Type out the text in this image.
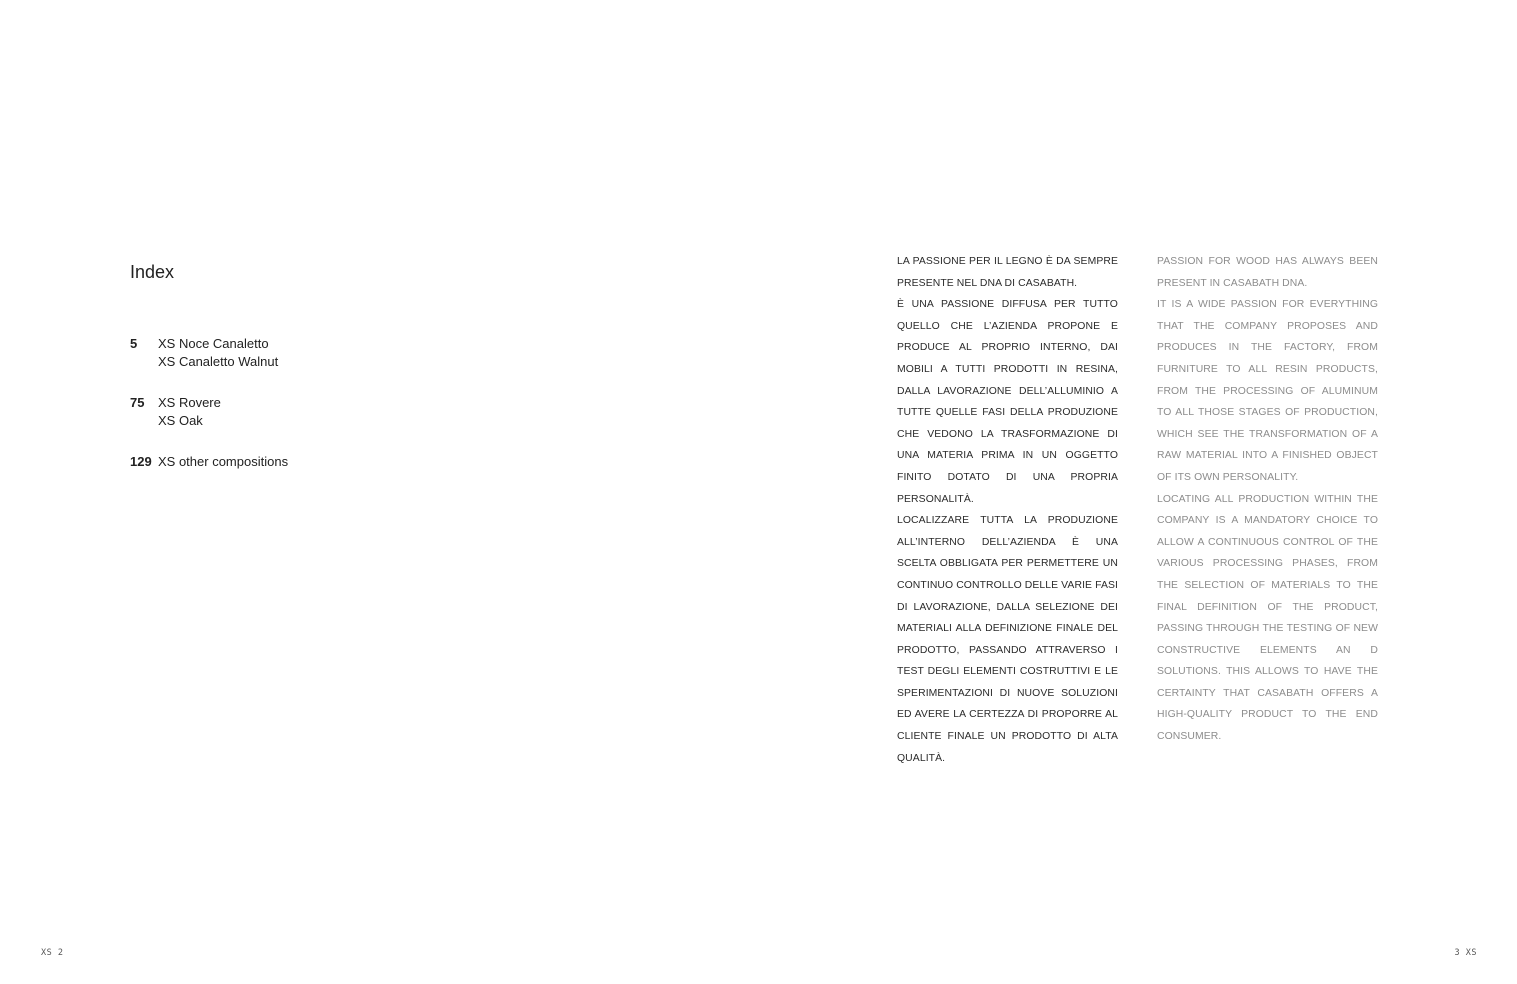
Index
5	XS Noce Canaletto
XS Canaletto Walnut
75	XS Rovere
XS Oak
129 XS other compositions

LA PASSIONE PER IL LEGNO È DA SEMPRE PRESENTE NEL DNA DI CASABATH.

È UNA PASSIONE DIFFUSA PER TUTTO QUELLO CHE L’AZIENDA PROPONE E PRODUCE AL PROPRIO INTERNO, DAI MOBILI A TUTTI PRODOTTI IN RESINA, DALLA LAVORAZIONE DELL’ALLUMINIO A TUTTE QUELLE FASI DELLA PRODUZIONE CHE VEDONO LA TRASFORMAZIONE DI UNA MATERIA PRIMA IN UN OGGETTO FINITO DOTATO DI UNA PROPRIA PERSONALITÀ.

LOCALIZZARE TUTTA LA PRODUZIONE ALL’INTERNO DELL’AZIENDA È UNA SCELTA OBBLIGATA PER PERMETTERE UN CONTINUO CONTROLLO DELLE VARIE FASI DI LAVORAZIONE, DALLA SELEZIONE DEI MATERIALI ALLA DEFINIZIONE FINALE DEL PRODOTTO, PASSANDO ATTRAVERSO I TEST DEGLI ELEMENTI COSTRUTTIVI E LE SPERIMENTAZIONI DI NUOVE SOLUZIONI ED AVERE LA CERTEZZA DI PROPORRE AL CLIENTE FINALE UN PRODOTTO DI ALTA QUALITÀ.

PASSION FOR WOOD HAS ALWAYS BEEN PRESENT IN CASABATH DNA.

IT IS A WIDE PASSION FOR EVERYTHING THAT THE COMPANY PROPOSES AND PRODUCES IN THE FACTORY, FROM FURNITURE TO ALL RESIN PRODUCTS, FROM THE PROCESSING OF ALUMINUM TO ALL THOSE STAGES OF PRODUCTION, WHICH SEE THE TRANSFORMATION OF A RAW MATERIAL INTO A FINISHED OBJECT OF ITS OWN PERSONALITY.

LOCATING ALL PRODUCTION WITHIN THE COMPANY IS A MANDATORY CHOICE TO ALLOW A CONTINUOUS CONTROL OF THE VARIOUS PROCESSING PHASES, FROM THE SELECTION OF MATERIALS TO THE FINAL DEFINITION OF THE PRODUCT, PASSING THROUGH THE TESTING OF NEW CONSTRUCTIVE ELEMENTS AN D SOLUTIONS. THIS ALLOWS TO HAVE THE CERTAINTY THAT CASABATH OFFERS A HIGH-QUALITY PRODUCT TO THE END CONSUMER.

XS 2	3 XS
